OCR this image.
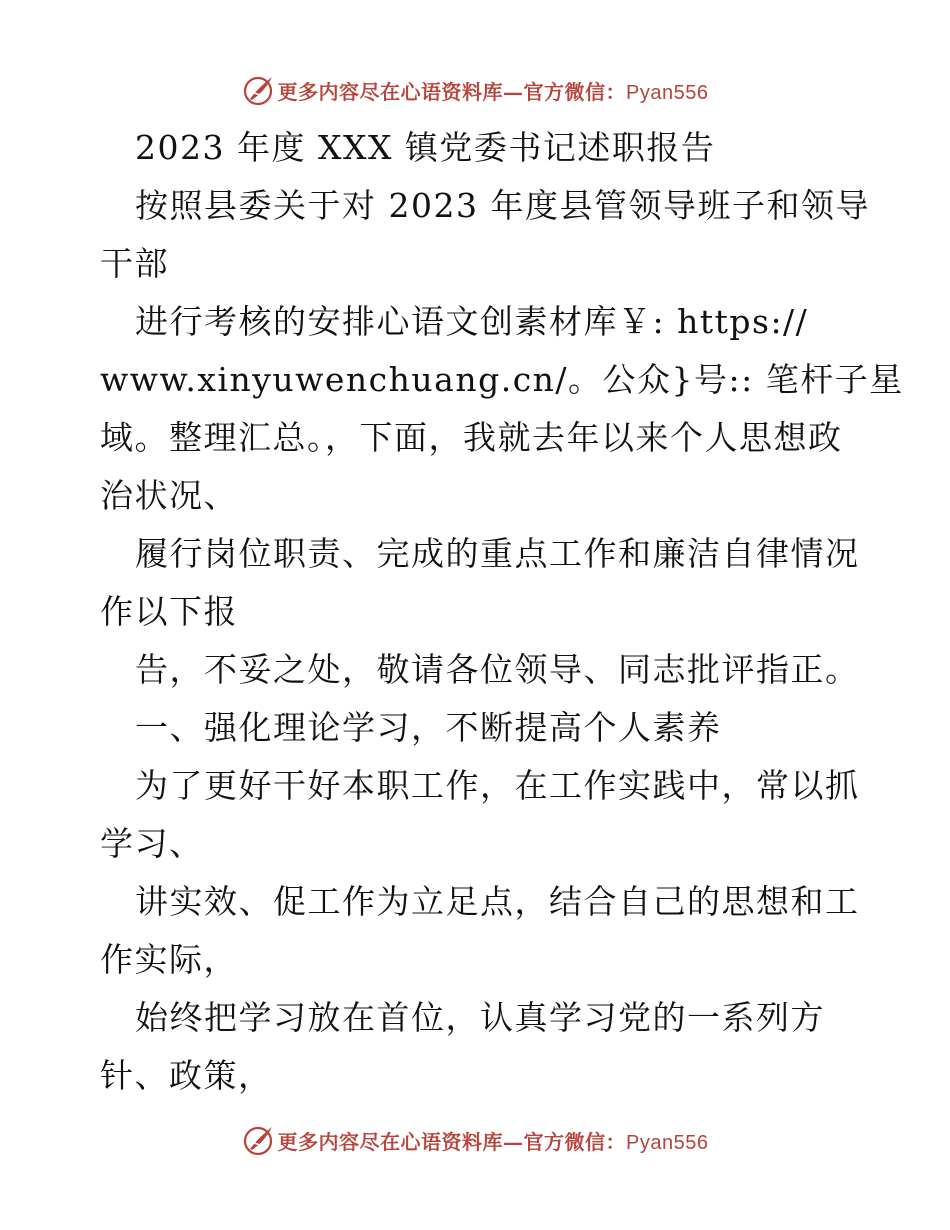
更多内容尽在心语资料库—官方微信：Pyan556
2023 年度 XXX 镇党委书记述职报告
按照县委关于对 2023 年度县管领导班子和领导
干部
进行考核的安排心语文创素材库￥: https://
www.xinyuwenchuang.cn/。公众}号:: 笔杆子星
域。整理汇总。，下面，我就去年以来个人思想政
治状况、
履行岗位职责、完成的重点工作和廉洁自律情况
作以下报
告，不妥之处，敬请各位领导、同志批评指正。
一、强化理论学习，不断提高个人素养
为了更好干好本职工作，在工作实践中，常以抓
学习、
讲实效、促工作为立足点，结合自己的思想和工
作实际，
始终把学习放在首位，认真学习党的一系列方
针、政策，
更多内容尽在心语资料库—官方微信：Pyan556
